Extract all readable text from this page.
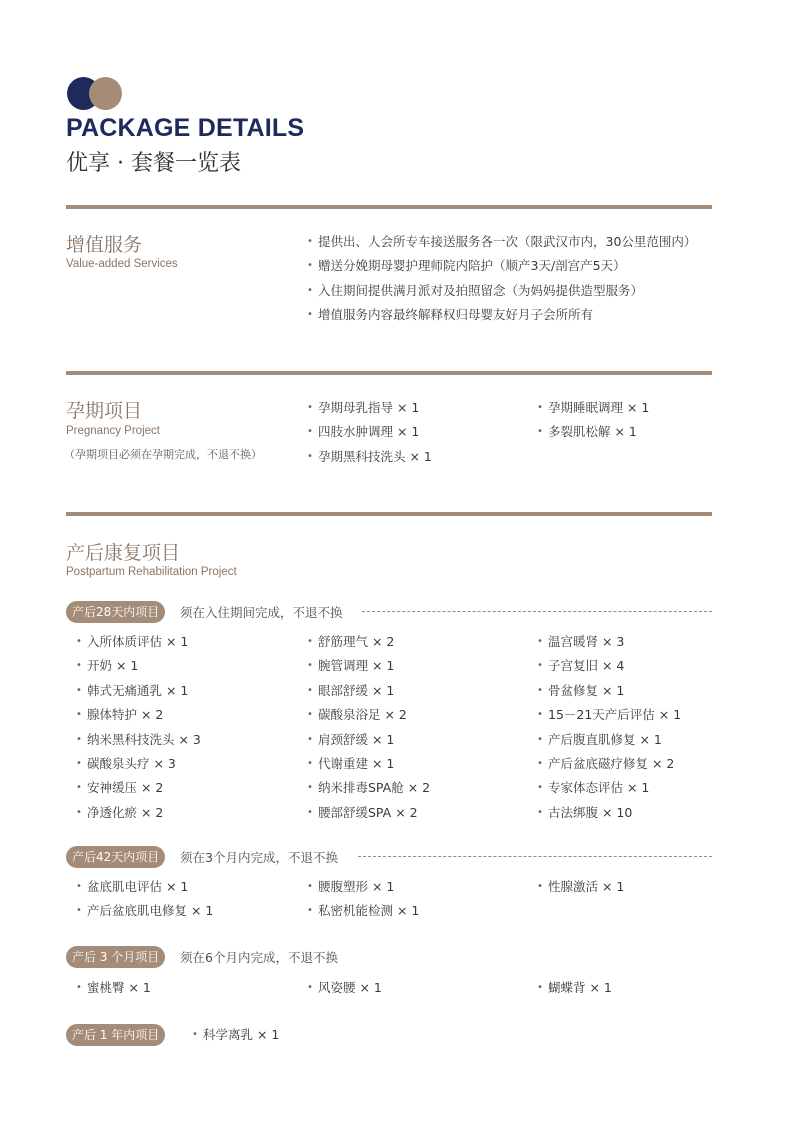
PACKAGE DETAILS
优享 · 套餐一览表
增值服务
Value-added Services
• 提供出、人会所专车接送服务各一次（限武汉市内，30公里范围内）
• 赠送分娩期母婴护理师院内陪护（顺产3天/剖宫产5天）
• 入住期间提供满月派对及拍照留念（为妈妈提供造型服务）
• 增值服务内容最终解释权归母婴友好月子会所所有
孕期项目
Pregnancy Project
（孕期项目必须在孕期完成，不退不换）
• 孕期母乳指导 × 1
• 四肢水肿调理 × 1
• 孕期黑科技洗头 × 1
• 孕期睡眠调理 × 1
• 多裂肌松解 × 1
产后康复项目
Postpartum Rehabilitation Project
产后28天内项目	须在入住期间完成，不退不换
• 入所体质评估 × 1
• 开奶 × 1
• 韩式无痛通乳 × 1
• 腺体特护 × 2
• 纳米黑科技洗头 × 3
• 碳酸泉头疗 × 3
• 安神缓压 × 2
• 净透化瘀 × 2
• 舒筋理气 × 2
• 腕管调理 × 1
• 眼部舒缓 × 1
• 碳酸泉浴足 × 2
• 肩颈舒缓 × 1
• 代谢重建 × 1
• 纳米排毒SPA舱 × 2
• 腰部舒缓SPA × 2
• 温宫暖肾 × 3
• 子宫复旧 × 4
• 骨盆修复 × 1
• 15－21天产后评估 × 1
• 产后腹直肌修复 × 1
• 产后盆底磁疗修复 × 2
• 专家体态评估 × 1
• 古法绑腹 × 10
产后42天内项目	须在3个月内完成，不退不换
• 盆底肌电评估 × 1
• 产后盆底肌电修复 × 1
• 腰腹塑形 × 1
• 私密机能检测 × 1
• 性腺激活 × 1
产后 3 个月项目	须在6个月内完成，不退不换
• 蜜桃臀 × 1	• 风姿腰 × 1	• 蝴蝶背 × 1
产后 1 年内项目	• 科学离乳 × 1
